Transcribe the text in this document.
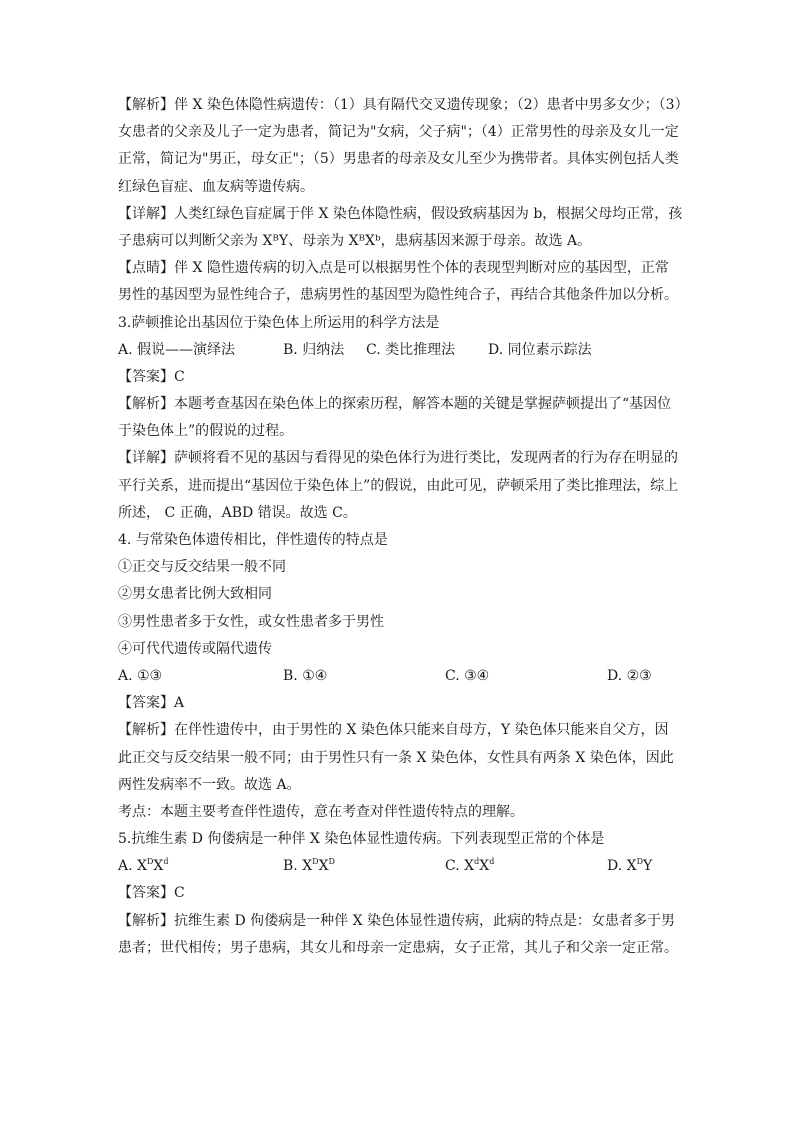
【解析】伴 X 染色体隐性病遗传：（1）具有隔代交叉遗传现象；（2）患者中男多女少；（3）
女患者的父亲及儿子一定为患者，简记为"女病，父子病"；（4）正常男性的母亲及女儿一定
正常，简记为"男正，母女正"；（5）男患者的母亲及女儿至少为携带者。具体实例包括人类
红绿色盲症、血友病等遗传病。
【详解】人类红绿色盲症属于伴 X 染色体隐性病，假设致病基因为 b，根据父母均正常，孩
子患病可以判断父亲为 XᴮY、母亲为 XᴮXᵇ，患病基因来源于母亲。故选 A。
【点睛】伴 X 隐性遗传病的切入点是可以根据男性个体的表现型判断对应的基因型，正常
男性的基因型为显性纯合子，患病男性的基因型为隐性纯合子，再结合其他条件加以分析。
3.萨顿推论出基因位于染色体上所运用的科学方法是
A. 假说——演绎法	B. 归纳法 C. 类比推理法 D. 同位素示踪法
【答案】C
【解析】本题考查基因在染色体上的探索历程，解答本题的关键是掌握萨顿提出了“基因位
于染色体上”的假说的过程。
【详解】萨顿将看不见的基因与看得见的染色体行为进行类比，发现两者的行为存在明显的
平行关系，进而提出“基因位于染色体上”的假说，由此可见，萨顿采用了类比推理法，综上
所述， C 正确，ABD 错误。故选 C。
4. 与常染色体遗传相比，伴性遗传的特点是
①正交与反交结果一般不同
②男女患者比例大致相同
③男性患者多于女性，或女性患者多于男性
④可代代遗传或隔代遗传
A. ①③	B. ①④	C. ③④	D. ②③
【答案】A
【解析】在伴性遗传中，由于男性的 X 染色体只能来自母方，Y 染色体只能来自父方，因
此正交与反交结果一般不同；由于男性只有一条 X 染色体，女性具有两条 X 染色体，因此
两性发病率不一致。故选 A。
考点：本题主要考查伴性遗传，意在考查对伴性遗传特点的理解。
5.抗维生素 D 佝偻病是一种伴 X 染色体显性遗传病。下列表现型正常的个体是
A. $X^DX^d$	B. $X^DX^D$	C. $X^dX^d$	D. $X^DY$
【答案】C
【解析】抗维生素 D 佝偻病是一种伴 X 染色体显性遗传病，此病的特点是：女患者多于男
患者；世代相传；男子患病，其女儿和母亲一定患病，女子正常，其儿子和父亲一定正常。
